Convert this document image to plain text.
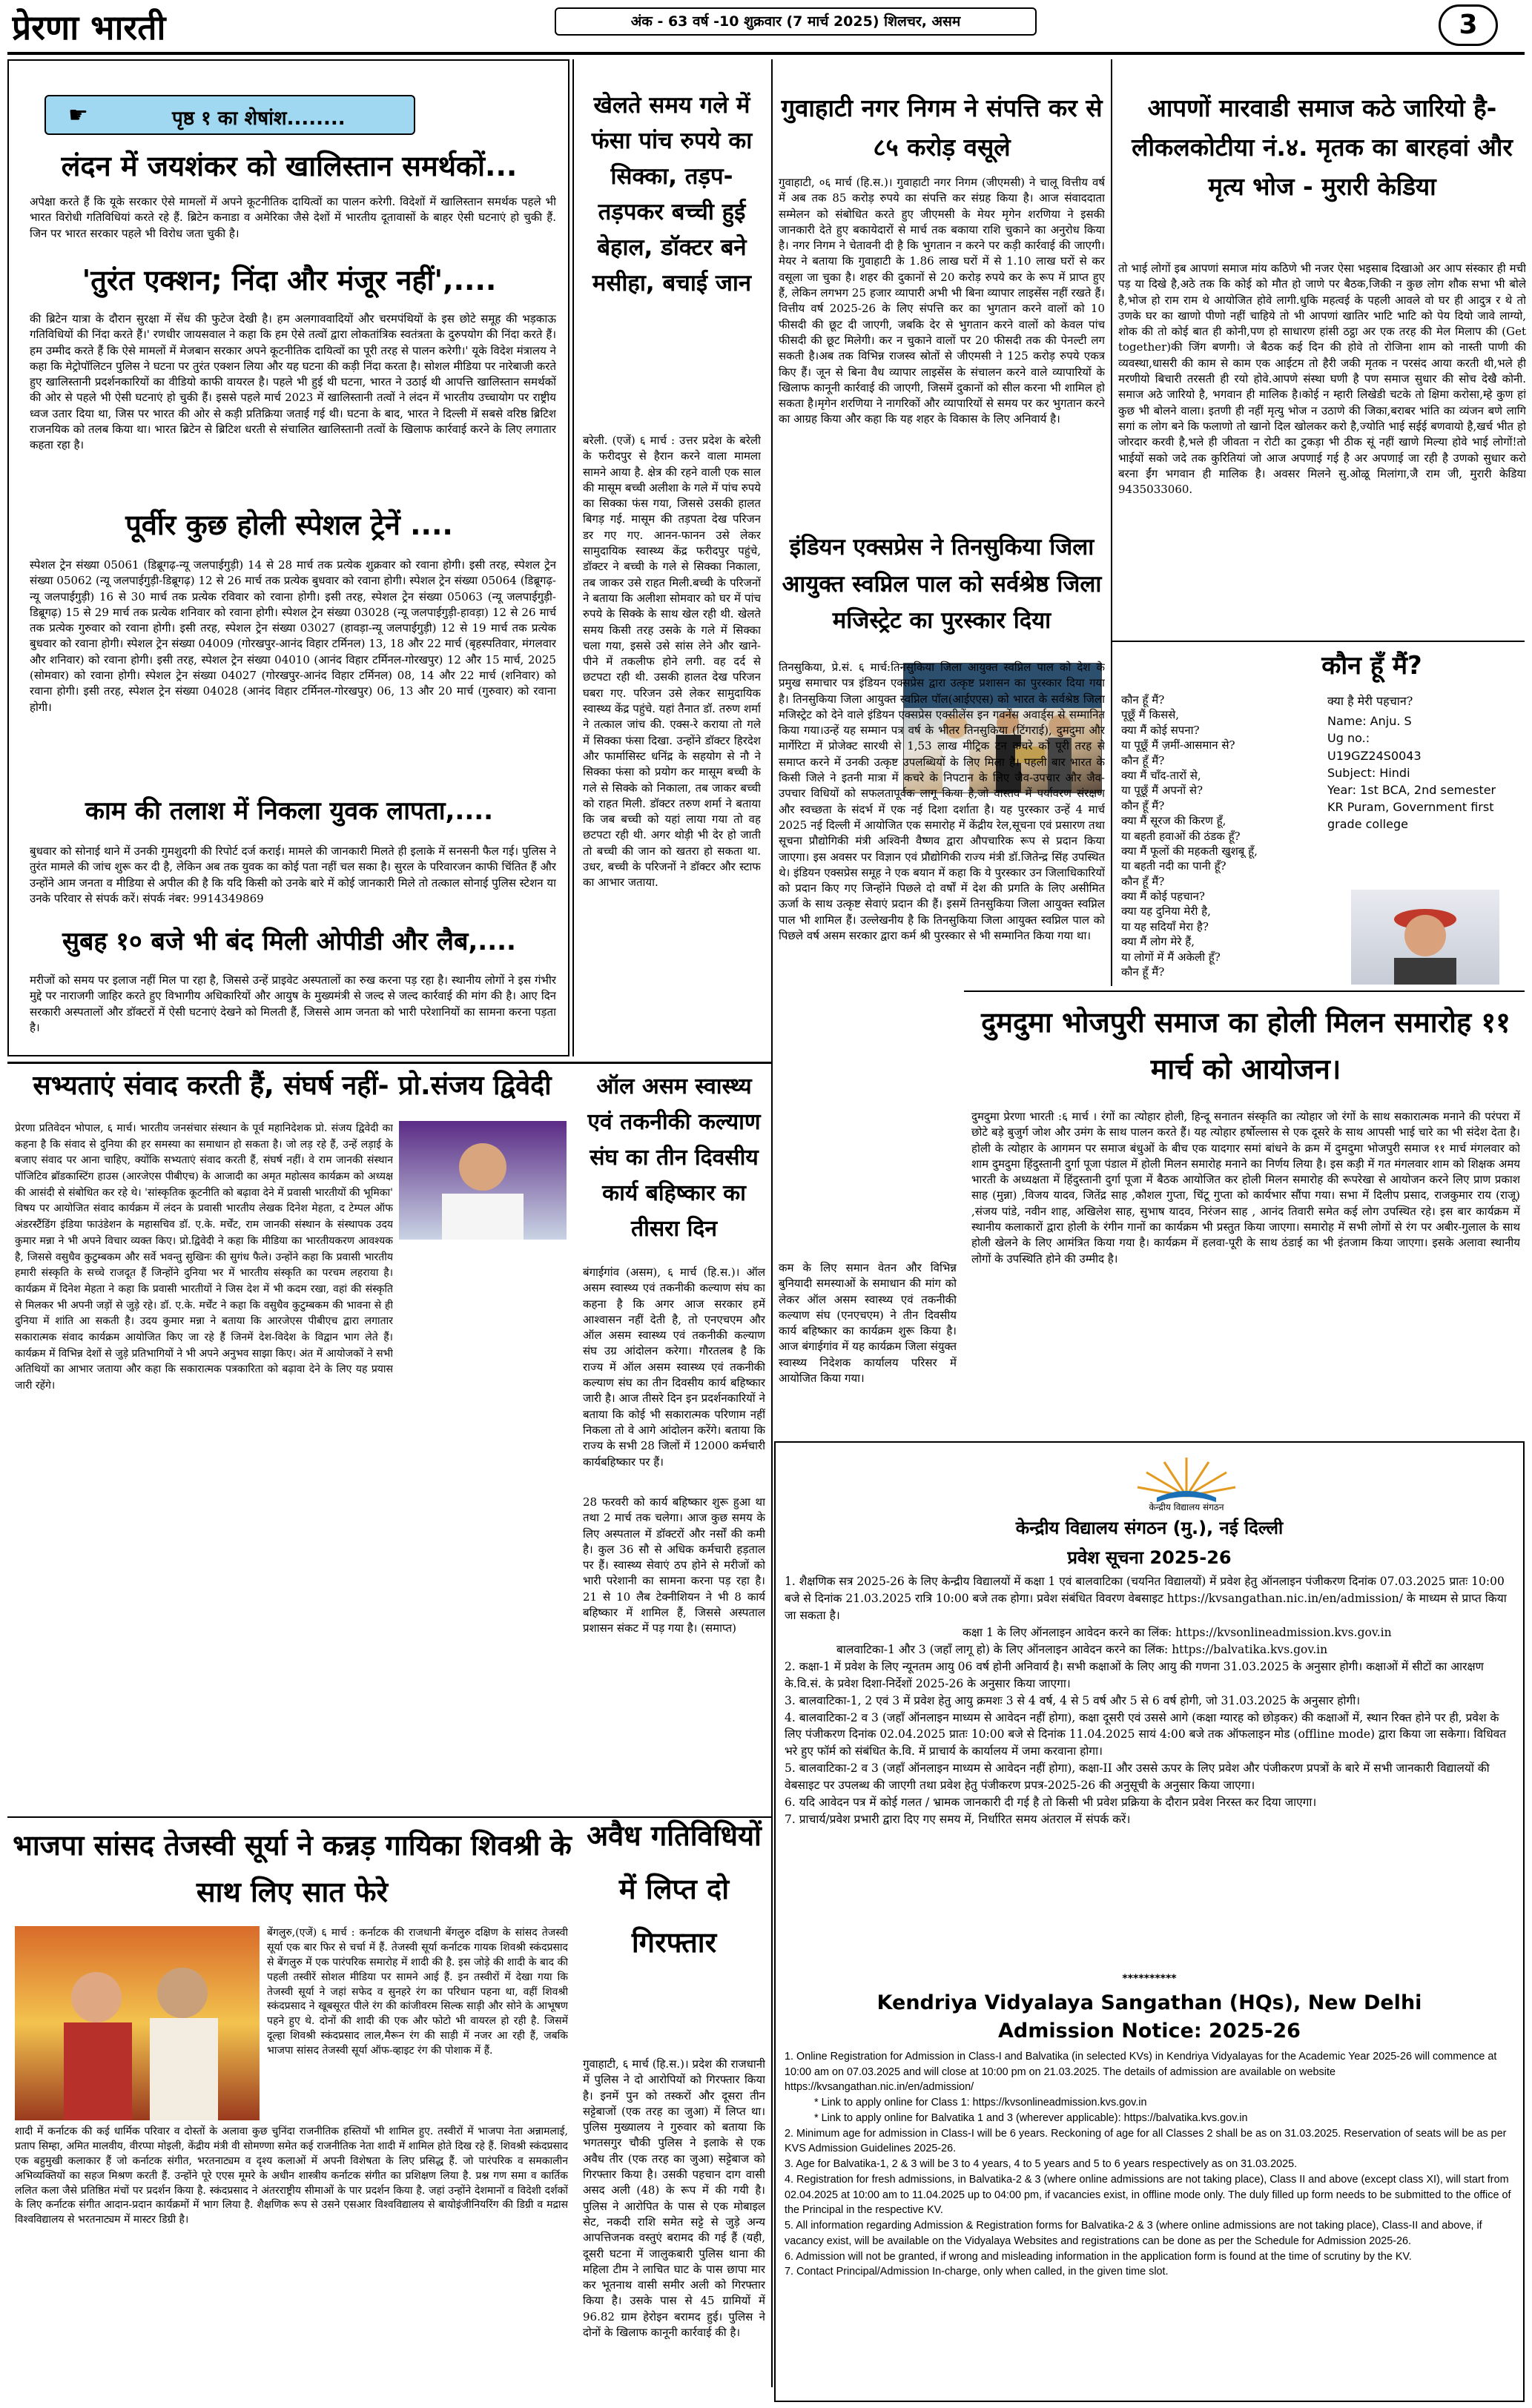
प्रेरणा भारती	अंक - 63 वर्ष -10 शुक्रवार (7 मार्च 2025) शिलचर, असम	3
☛	पृष्ठ १ का शेषांश........
लंदन में जयशंकर को खालिस्तान समर्थकों...
अपेक्षा करते हैं कि यूके सरकार ऐसे मामलों में अपने कूटनीतिक दायित्वों का पालन करेगी. विदेशों में खालिस्तान समर्थक पहले भी भारत विरोधी गतिविधियां करते रहे हैं. ब्रिटेन कनाडा व अमेरिका जैसे देशों में भारतीय दूतावासों के बाहर ऐसी घटनाएं हो चुकी हैं. जिन पर भारत सरकार पहले भी विरोध जता चुकी है।
'तुरंत एक्शन; निंदा और मंजूर नहीं',....
की ब्रिटेन यात्रा के दौरान सुरक्षा में सेंध की फुटेज देखी है। हम अलगाववादियों और चरमपंथियों के इस छोटे समूह की भड़काऊ गतिविधियों की निंदा करते हैं।' रणधीर जायसवाल ने कहा कि हम ऐसे तत्वों द्वारा लोकतांत्रिक स्वतंत्रता के दुरुपयोग की निंदा करते हैं। हम उम्मीद करते हैं कि ऐसे मामलों में मेजबान सरकार अपने कूटनीतिक दायित्वों का पूरी तरह से पालन करेगी।' यूके विदेश मंत्रालय ने कहा कि मेट्रोपॉलिटन पुलिस ने घटना पर तुरंत एक्शन लिया और यह घटना की कड़ी निंदा करता है। सोशल मीडिया पर नारेबाजी करते हुए खालिस्तानी प्रदर्शनकारियों का वीडियो काफी वायरल है। पहले भी हुई थी घटना, भारत ने उठाई थी आपत्ति खालिस्तान समर्थकों की ओर से पहले भी ऐसी घटनाएं हो चुकी हैं। इससे पहले मार्च 2023 में खालिस्तानी तत्वों ने लंदन में भारतीय उच्चायोग पर राष्ट्रीय ध्वज उतार दिया था, जिस पर भारत की ओर से कड़ी प्रतिक्रिया जताई गई थी। घटना के बाद, भारत ने दिल्ली में सबसे वरिष्ठ ब्रिटिश राजनयिक को तलब किया था। भारत ब्रिटेन से ब्रिटिश धरती से संचालित खालिस्तानी तत्वों के खिलाफ कार्रवाई करने के लिए लगातार कहता रहा है।
पूर्वीर कुछ होली स्पेशल ट्रेनें ....
स्पेशल ट्रेन संख्या 05061 (डिब्रूगढ़-न्यू जलपाईगुड़ी) 14 से 28 मार्च तक प्रत्येक शुक्रवार को रवाना होगी। इसी तरह, स्पेशल ट्रेन संख्या 05062 (न्यू जलपाईगुड़ी-डिब्रूगढ़) 12 से 26 मार्च तक प्रत्येक बुधवार को रवाना होगी। स्पेशल ट्रेन संख्या 05064 (डिब्रूगढ़-न्यू जलपाईगुड़ी) 16 से 30 मार्च तक प्रत्येक रविवार को रवाना होगी। इसी तरह, स्पेशल ट्रेन संख्या 05063 (न्यू जलपाईगुड़ी-डिब्रूगढ़) 15 से 29 मार्च तक प्रत्येक शनिवार को रवाना होगी। स्पेशल ट्रेन संख्या 03028 (न्यू जलपाईगुड़ी-हावड़ा) 12 से 26 मार्च तक प्रत्येक गुरुवार को रवाना होगी। इसी तरह, स्पेशल ट्रेन संख्या 03027 (हावड़ा-न्यू जलपाईगुड़ी) 12 से 19 मार्च तक प्रत्येक बुधवार को रवाना होगी। स्पेशल ट्रेन संख्या 04009 (गोरखपुर-आनंद विहार टर्मिनल) 13, 18 और 22 मार्च (बृहस्पतिवार, मंगलवार और शनिवार) को रवाना होगी। इसी तरह, स्पेशल ट्रेन संख्या 04010 (आनंद विहार टर्मिनल-गोरखपुर) 12 और 15 मार्च, 2025 (सोमवार) को रवाना होगी। स्पेशल ट्रेन संख्या 04027 (गोरखपुर-आनंद विहार टर्मिनल) 08, 14 और 22 मार्च (शनिवार) को रवाना होगी। इसी तरह, स्पेशल ट्रेन संख्या 04028 (आनंद विहार टर्मिनल-गोरखपुर) 06, 13 और 20 मार्च (गुरुवार) को रवाना होगी।
काम की तलाश में निकला युवक लापता,....
बुधवार को सोनाई थाने में उनकी गुमशुदगी की रिपोर्ट दर्ज कराई। मामले की जानकारी मिलते ही इलाके में सनसनी फैल गई। पुलिस ने तुरंत मामले की जांच शुरू कर दी है, लेकिन अब तक युवक का कोई पता नहीं चल सका है। सुरल के परिवारजन काफी चिंतित हैं और उन्होंने आम जनता व मीडिया से अपील की है कि यदि किसी को उनके बारे में कोई जानकारी मिले तो तत्काल सोनाई पुलिस स्टेशन या उनके परिवार से संपर्क करें। संपर्क नंबर: 9914349869
सुबह १० बजे भी बंद मिली ओपीडी और लैब,....
मरीजों को समय पर इलाज नहीं मिल पा रहा है, जिससे उन्हें प्राइवेट अस्पतालों का रुख करना पड़ रहा है। स्थानीय लोगों ने इस गंभीर मुद्दे पर नाराजगी जाहिर करते हुए विभागीय अधिकारियों और आयुष के मुख्यमंत्री से जल्द से जल्द कार्रवाई की मांग की है। आए दिन सरकारी अस्पतालों और डॉक्टरों में ऐसी घटनाएं देखने को मिलती हैं, जिससे आम जनता को भारी परेशानियों का सामना करना पड़ता है।
खेलते समय गले में फंसा पांच रुपये का सिक्का, तड़प-तड़पकर बच्ची हुई बेहाल, डॉक्टर बने मसीहा, बचाई जान
बरेली. (एजें) ६ मार्च : उत्तर प्रदेश के बरेली के फरीदपुर से हैरान करने वाला मामला सामने आया है. क्षेत्र की रहने वाली एक साल की मासूम बच्ची अलीशा के गले में पांच रुपये का सिक्का फंस गया, जिससे उसकी हालत बिगड़ गई. मासूम की तड़पता देख परिजन डर गए गए. आनन-फानन उसे लेकर सामुदायिक स्वास्थ्य केंद्र फरीदपुर पहुंचे, डॉक्टर ने बच्ची के गले से सिक्का निकाला, तब जाकर उसे राहत मिली.बच्ची के परिजनों ने बताया कि अलीशा सोमवार को घर में पांच रुपये के सिक्के के साथ खेल रही थी. खेलते समय किसी तरह उसके के गले में सिक्का चला गया, इससे उसे सांस लेने और खाने-पीने में तकलीफ होने लगी. वह दर्द से छटपटा रही थी. उसकी हालत देख परिजन घबरा गए. परिजन उसे लेकर सामुदायिक स्वास्थ्य केंद्र पहुंचे. यहां तैनात डॉ. तरुण शर्मा ने तत्काल जांच की. एक्स-रे कराया तो गले में सिक्का फंसा दिखा. उन्होंने डॉक्टर हिरदेश और फार्मासिस्ट धनिंद्र के सहयोग से नौ ने सिक्का फंसा को प्रयोग कर मासूम बच्ची के गले से सिक्के को निकाला, तब जाकर बच्ची को राहत मिली. डॉक्टर तरुण शर्मा ने बताया कि जब बच्ची को यहां लाया गया तो वह छटपटा रही थी. अगर थोड़ी भी देर हो जाती तो बच्ची की जान को खतरा हो सकता था. उधर, बच्ची के परिजनों ने डॉक्टर और स्टाफ का आभार जताया.
गुवाहाटी नगर निगम ने संपत्ति कर से ८५ करोड़ वसूले
गुवाहाटी, ०६ मार्च (हि.स.)। गुवाहाटी नगर निगम (जीएमसी) ने चालू वित्तीय वर्ष में अब तक 85 करोड़ रुपये का संपत्ति कर संग्रह किया है। आज संवाददाता सम्मेलन को संबोधित करते हुए जीएमसी के मेयर मृगेन शरणिया ने इसकी जानकारी देते हुए बकायेदारों से मार्च तक बकाया राशि चुकाने का अनुरोध किया है। नगर निगम ने चेतावनी दी है कि भुगतान न करने पर कड़ी कार्रवाई की जाएगी।मेयर ने बताया कि गुवाहाटी के 1.86 लाख घरों में से 1.10 लाख घरों से कर वसूला जा चुका है। शहर की दुकानों से 20 करोड़ रुपये कर के रूप में प्राप्त हुए हैं, लेकिन लगभग 25 हजार व्यापारी अभी भी बिना व्यापार लाइसेंस नहीं रखते हैं। वित्तीय वर्ष 2025-26 के लिए संपत्ति कर का भुगतान करने वालों को 10 फीसदी की छूट दी जाएगी, जबकि देर से भुगतान करने वालों को केवल पांच फीसदी की छूट मिलेगी। कर न चुकाने वालों पर 20 फीसदी तक की पेनल्टी लग सकती है।अब तक विभिन्न राजस्व स्रोतों से जीएमसी ने 125 करोड़ रुपये एकत्र किए हैं। जून से बिना वैध व्यापार लाइसेंस के संचालन करने वाले व्यापारियों के खिलाफ कानूनी कार्रवाई की जाएगी, जिसमें दुकानों को सील करना भी शामिल हो सकता है।मृगेन शरणिया ने नागरिकों और व्यापारियों से समय पर कर भुगतान करने का आग्रह किया और कहा कि यह शहर के विकास के लिए अनिवार्य है।
इंडियन एक्सप्रेस ने तिनसुकिया जिला आयुक्त स्वप्निल पाल को सर्वश्रेष्ठ जिला मजिस्ट्रेट का पुरस्कार दिया
तिनसुकिया, प्रे.सं. ६ मार्च:तिनसुकिया जिला आयुक्त स्वप्निल पाल को देश के प्रमुख समाचार पत्र इंडियन एक्सप्रेस द्वारा उत्कृष्ट प्रशासन का पुरस्कार दिया गया है। तिनसुकिया जिला आयुक्त स्वप्निल पॉल(आईएएस) को भारत के सर्वश्रेष्ठ जिला मजिस्ट्रेट को देने वाले इंडियन एक्सप्रेस एक्सीलेंस इन गवर्नेंस अवार्ड्स से सम्मानित किया गया।उन्हें यह सम्मान पत्र वर्ष के भीतर तिनसुकिया (टिंगराई), दुमदुमा और मार्गेरिटा में प्रोजेक्ट सारथी से 1,53 लाख मीट्रिक टन कचरे को पूरी तरह से समाप्त करने में उनकी उत्कृष्ट उपलब्धियों के लिए मिला है। पहली बार भारत के किसी जिले ने इतनी मात्रा में कचरे के निपटान के लिए जैव-उपचार और जैव-उपचार विधियों को सफलतापूर्वक लागू किया है,जो वास्तव में पर्यावरण संरक्षण और स्वच्छता के संदर्भ में एक नई दिशा दर्शाता है। यह पुरस्कार उन्हें 4 मार्च 2025 नई दिल्ली में आयोजित एक समारोह में केंद्रीय रेल,सूचना एवं प्रसारण तथा सूचना प्रौद्योगिकी मंत्री अश्विनी वैष्णव द्वारा औपचारिक रूप से प्रदान किया जाएगा। इस अवसर पर विज्ञान एवं प्रौद्योगिकी राज्य मंत्री डॉ.जितेन्द्र सिंह उपस्थित थे। इंडियन एक्सप्रेस समूह ने एक बयान में कहा कि ये पुरस्कार उन जिलाधिकारियों को प्रदान किए गए जिन्होंने पिछले दो वर्षों में देश की प्रगति के लिए असीमित ऊर्जा के साथ उत्कृष्ट सेवाएं प्रदान की हैं। इसमें तिनसुकिया जिला आयुक्त स्वप्निल पाल भी शामिल हैं। उल्लेखनीय है कि तिनसुकिया जिला आयुक्त स्वप्निल पाल को पिछले वर्ष असम सरकार द्वारा कर्म श्री पुरस्कार से भी सम्मानित किया गया था।
आपणों मारवाडी समाज कठे जारियो है-लीकलकोटीया नं.४. मृतक का बारहवां और मृत्य भोज - मुरारी केडिया
तो भाई लोगों इब आपणां समाज मांय कठिणे भी नजर ऐसा भइसाब दिखाओ अर आप संस्कार ही मची पड़ या दिखे है,अठे तक कि कोई को मौत हो जाणे पर बैठक,जिकी न कुछ लोग शौक सभा भी बोले है,भोज हो राम राम थे आयोजित होवे लागी.धुकि महत्वई के पहली आवले वो घर ही आदुत्र र थे तो उणके घर का खाणो पीणो नहीं चाहिये तो भी आपणां खातिर भाटि भाटि को पेय दियो जावे लाग्यो, शोक की तो कोई बात ही कोनी,पण हो साधारण हांसी ठट्ठा अर एक तरह की मेल मिलाप की (Get together)की जिंग बणगी। जे बैठक कई दिन की होवे तो रोजिना शाम को नास्ती पाणी की व्यवस्था,धासरी की काम से काम एक आईटम तो हैरी जकी मृतक न परसंद आया करती थी,भले ही मरणीयो बिचारी तरसती ही रयो होवे.आपणे संस्था घणी है पण समाज सुधार की सोच देखै कोनी. समाज अठे जारियो है, भगवान ही मालिक है।कोई न म्हारी लिखेडी चटके तो क्षिमा करोसा,म्हे कुण हां कुछ भी बोलने वाला। इतणी ही नहीं मृत्यु भोज न उठाणे की जिका,बराबर भांति का व्यंजन बणे लागि सगां क लोग बने कि फलाणो तो खानो दिल खोलकर करो है,ज्योति भाई सईई बणवायो है,खर्च भीत हो जोरदार करवी है,भले ही जीवता न रोटी का टुकड़ा भी ठीक सूं नहीं खाणे मिल्या होवे भाई लोगों!तो भाईयों सको जदे तक कुरितियां जो आज अपणाई गई है अर अपणाई जा रही है उणको सुधार करो बरना ईंग भगवान ही मालिक है। अवसर मिलने सु.ओळू मिलांगा,जै राम जी, मुरारी केडिया 9435033060.
कौन हूँ मैं?
कौन हूँ मैं?
पूछूँ मैं किससे,
क्या मैं कोई सपना?
या पूछूँ मैं ज़मीं-आसमान से?
कौन हूँ मैं?
क्या मैं चाँद-तारों से,
या पूछूँ मैं अपनों से?
कौन हूँ मैं?
क्या मैं सूरज की किरण हूँ,
या बहती हवाओं की ठंडक हूँ?
क्या मैं फूलों की महकती खुशबू हूँ,
या बहती नदी का पानी हूँ?
कौन हूँ मैं?
क्या मैं कोई पहचान?
क्या यह दुनिया मेरी है,
या यह सदियाँ मेरा है?
क्या मैं लोग मेरे हैं,
या लोगों में मैं अकेली हूँ?
कौन हूँ मैं?
क्या है मेरी पहचान?
Name: Anju. S
Ug no.:
U19GZ24S0043
Subject: Hindi
Year: 1st BCA, 2nd semester
KR Puram, Government first grade college
दुमदुमा भोजपुरी समाज का होली मिलन समारोह ११ मार्च को आयोजन।
दुमदुमा प्रेरणा भारती :६ मार्च । रंगों का त्योहार होली, हिन्दू सनातन संस्कृति का त्योहार जो रंगों के साथ सकारात्मक मनाने की परंपरा में छोटे बड़े बुजुर्ग जोश और उमंग के साथ पालन करते हैं। यह त्योहार हर्षोल्लास से एक दूसरे के साथ आपसी भाई चारे का भी संदेश देता है। होली के त्योहार के आगमन पर समाज बंधुओं के बीच एक यादगार समां बांधने के क्रम में दुमदुमा भोजपुरी समाज ११ मार्च मंगलवार को शाम दुमदुमा हिंदुस्तानी दुर्गा पूजा पंडाल में होली मिलन समारोह मनाने का निर्णय लिया है। इस कड़ी में गत मंगलवार शाम को शिक्षक अमय भारती के अध्यक्षता में हिंदुस्तानी दुर्गा पूजा में बैठक आयोजित कर होली मिलन समारोह की रूपरेखा से आयोजन करने लिए प्राण प्रकाश साह (मुन्ना) ,विजय यादव, जितेंद्र साह ,कौशल गुप्ता, चिंटू गुप्ता को कार्यभार सौंपा गया। सभा में दिलीप प्रसाद, राजकुमार राय (राजू) ,संजय पांडे, नवीन शाह, अखिलेश साह, सुभाष यादव, निरंजन साह , आनंद तिवारी समेत कई लोग उपस्थित रहे। इस बार कार्यक्रम में स्थानीय कलाकारों द्वारा होली के रंगीन गानों का कार्यक्रम भी प्रस्तुत किया जाएगा। समारोह में सभी लोगों से रंग पर अबीर-गुलाल के साथ होली खेलने के लिए आमंत्रित किया गया है। कार्यक्रम में हलवा-पूरी के साथ ठंडाई का भी इंतजाम किया जाएगा। इसके अलावा स्थानीय लोगों के उपस्थिति होने की उम्मीद है।
सभ्यताएं संवाद करती हैं, संघर्ष नहीं- प्रो.संजय द्विवेदी
प्रेरणा प्रतिवेदन भोपाल, ६ मार्च। भारतीय जनसंचार संस्थान के पूर्व महानिदेशक प्रो. संजय द्विवेदी का कहना है कि संवाद से दुनिया की हर समस्या का समाधान हो सकता है। जो लड़ रहे हैं, उन्हें लड़ाई के बजाए संवाद पर आना चाहिए, क्योंकि सभ्यताएं संवाद करती हैं, संघर्ष नहीं। वे राम जानकी संस्थान पॉजिटिव ब्रॉडकास्टिंग हाउस (आरजेएस पीबीएच) के आजादी का अमृत महोत्सव कार्यक्रम को अध्यक्ष की आसंदी से संबोधित कर रहे थे। 'सांस्कृतिक कूटनीति को बढ़ावा देने में प्रवासी भारतीयों की भूमिका' विषय पर आयोजित संवाद कार्यक्रम में लंदन के प्रवासी भारतीय लेखक दिनेश मेहता, द टेम्पल ऑफ अंडरस्टैंडिंग इंडिया फाउंडेशन के महासचिव डॉ. ए.के. मर्चेंट, राम जानकी संस्थान के संस्थापक उदय कुमार मन्ना ने भी अपने विचार व्यक्त किए। प्रो.द्विवेदी ने कहा कि मीडिया का भारतीयकरण आवश्यक है, जिससे वसुधैव कुटुम्बकम और सर्वे भवन्तु सुखिनः की सुगंध फैले। उन्होंने कहा कि प्रवासी भारतीय हमारी संस्कृति के सच्चे राजदूत हैं जिन्होंने दुनिया भर में भारतीय संस्कृति का परचम लहराया है। कार्यक्रम में दिनेश मेहता ने कहा कि प्रवासी भारतीयों ने जिस देश में भी कदम रखा, वहां की संस्कृति से मिलकर भी अपनी जड़ों से जुड़े रहे। डॉ. ए.के. मर्चेंट ने कहा कि वसुधैव कुटुम्बकम की भावना से ही दुनिया में शांति आ सकती है। उदय कुमार मन्ना ने बताया कि आरजेएस पीबीएच द्वारा लगातार सकारात्मक संवाद कार्यक्रम आयोजित किए जा रहे हैं जिनमें देश-विदेश के विद्वान भाग लेते हैं। कार्यक्रम में विभिन्न देशों से जुड़े प्रतिभागियों ने भी अपने अनुभव साझा किए। अंत में आयोजकों ने सभी अतिथियों का आभार जताया और कहा कि सकारात्मक पत्रकारिता को बढ़ावा देने के लिए यह प्रयास जारी रहेंगे।
भाजपा सांसद तेजस्वी सूर्या ने कन्नड़ गायिका शिवश्री के साथ लिए सात फेरे
बेंगलुरु,(एजें) ६ मार्च : कर्नाटक की राजधानी बेंगलुरु दक्षिण के सांसद तेजस्वी सूर्या एक बार फिर से चर्चा में हैं. तेजस्वी सूर्या कर्नाटक गायक शिवश्री स्कंदप्रसाद से बेंगलुरु में एक पारंपरिक समारोह में शादी की है. इस जोड़े की शादी के बाद की पहली तस्वीरें सोशल मीडिया पर सामने आई हैं. इन तस्वीरों में देखा गया कि तेजस्वी सूर्या ने जहां सफेद व सुनहरे रंग का परिधान पहना था, वहीं शिवश्री स्कंदप्रसाद ने खूबसूरत पीले रंग की कांजीवरम सिल्क साड़ी और सोने के आभूषण पहने हुए थे. दोनों की शादी की एक और फोटो भी वायरल हो रही है. जिसमें दूल्हा शिवश्री स्कंदप्रसाद लाल,मैरून रंग की साड़ी में नजर आ रही हैं, जबकि भाजपा सांसद तेजस्वी सूर्या ऑफ-व्हाइट रंग की पोशाक में हैं.
शादी में कर्नाटक की कई धार्मिक परिवार व दोस्तों के अलावा कुछ चुनिंदा राजनीतिक हस्तियों भी शामिल हुए. तस्वीरों में भाजपा नेता अन्नामलाई, प्रताप सिम्हा, अमित मालवीय, वीरप्पा मोइली, केंद्रीय मंत्री वी सोमण्णा समेत कई राजनीतिक नेता शादी में शामिल होते दिख रहे हैं. शिवश्री स्कंदप्रसाद एक बहुमुखी कलाकार हैं जो कर्नाटक संगीत, भरतनाट्यम व दृश्य कलाओं में अपनी विशेषता के लिए प्रसिद्ध हैं. जो पारंपरिक व समकालीन अभिव्यक्तियों का सहज मिश्रण करती हैं. उन्होंने पूरे एएस मूमरे के अधीन शास्त्रीय कर्नाटक संगीत का प्रशिक्षण लिया है. प्रश्न गण समा व कार्तिक ललित कला जैसे प्रतिष्ठित मंचों पर प्रदर्शन किया है. स्कंदप्रसाद ने अंतरराष्ट्रीय सीमाओं के पार प्रदर्शन किया है. जहां उन्होंने देशमानों व विदेशी दर्शकों के लिए कर्नाटक संगीत आदान-प्रदान कार्यक्रमों में भाग लिया है. शैक्षणिक रूप से उसने एसआर विश्वविद्यालय से बायोइंजीनियरिंग की डिग्री व मद्रास विश्वविद्यालय से भरतनाट्यम में मास्टर डिग्री है।
ऑल असम स्वास्थ्य एवं तकनीकी कल्याण संघ का तीन दिवसीय कार्य बहिष्कार का तीसरा दिन
बंगाईगांव (असम), ६ मार्च (हि.स.)। ऑल असम स्वास्थ्य एवं तकनीकी कल्याण संघ का कहना है कि अगर आज सरकार हमें आश्वासन नहीं देती है, तो एनएचएम और ऑल असम स्वास्थ्य एवं तकनीकी कल्याण संघ उग्र आंदोलन करेगा। गौरतलब है कि राज्य में ऑल असम स्वास्थ्य एवं तकनीकी कल्याण संघ का तीन दिवसीय कार्य बहिष्कार जारी है। आज तीसरे दिन इन प्रदर्शनकारियों ने बताया कि कोई भी सकारात्मक परिणाम नहीं निकला तो वे आगे आंदोलन करेंगे। बताया कि राज्य के सभी 28 जिलों में 12000 कर्मचारी कार्यबहिष्कार पर हैं।
28 फरवरी को कार्य बहिष्कार शुरू हुआ था तथा 2 मार्च तक चलेगा। आज कुछ समय के लिए अस्पताल में डॉक्टरों और नर्सों की कमी है। कुल 36 सौ से अधिक कर्मचारी हड़ताल पर हैं। स्वास्थ्य सेवाएं ठप होने से मरीजों को भारी परेशानी का सामना करना पड़ रहा है। 21 से 10 लैब टेक्नीशियन ने भी 8 कार्य बहिष्कार में शामिल हैं, जिससे अस्पताल प्रशासन संकट में पड़ गया है। (समाप्त)
अवैध गतिविधियों में लिप्त दो गिरफ्तार
गुवाहाटी, ६ मार्च (हि.स.)। प्रदेश की राजधानी में पुलिस ने दो आरोपियों को गिरफ्तार किया है। इनमें पुन को तस्करों और दूसरा तीन सट्टेबाजों (एक तरह का जुआ) में लिप्त था।पुलिस मुख्यालय ने गुरुवार को बताया कि भगतसगुर चौकी पुलिस ने इलाके से एक अवैध तीर (एक तरह का जुआ) सट्टेबाज को गिरफ्तार किया है। उसकी पहचान दाग वासी असद अली (48) के रूप में की गयी है। पुलिस ने आरोपित के पास से एक मोबाइल सेट, नकदी राशि समेत सट्टे से जुड़े अन्य आपत्तिजनक वस्तुएं बरामद की गई हैं (यही, दूसरी घटना में जालुकबारी पुलिस थाना की महिला टीम ने लाचित घाट के पास छापा मार कर भूतनाथ वासी समीर अली को गिरफ्तार किया है। उसके पास से 45 ग्रामियों में 96.82 ग्राम हेरोइन बरामद हुई। पुलिस ने दोनों के खिलाफ कानूनी कार्रवाई की है।
कम के लिए समान वेतन और विभिन्न बुनियादी समस्याओं के समाधान की मांग को लेकर ऑल असम स्वास्थ्य एवं तकनीकी कल्याण संघ (एनएचएम) ने तीन दिवसीय कार्य बहिष्कार का कार्यक्रम शुरू किया है। आज बंगाईगांव में यह कार्यक्रम जिला संयुक्त स्वास्थ्य निदेशक कार्यालय परिसर में आयोजित किया गया।
केन्द्रीय विद्यालय संगठन
केन्द्रीय विद्यालय संगठन (मु.), नई दिल्ली
प्रवेश सूचना 2025-26

1. शैक्षणिक सत्र 2025-26 के लिए केन्द्रीय विद्यालयों में कक्षा 1 एवं बालवाटिका (चयनित विद्यालयों) में प्रवेश हेतु ऑनलाइन पंजीकरण दिनांक 07.03.2025 प्रातः 10:00 बजे से दिनांक 21.03.2025 रात्रि 10:00 बजे तक होगा। प्रवेश संबंधित विवरण वेबसाइट https://kvsangathan.nic.in/en/admission/ के माध्यम से प्राप्त किया जा सकता है।

कक्षा 1 के लिए ऑनलाइन आवेदन करने का लिंक: https://kvsonlineadmission.kvs.gov.in

बालवाटिका-1 और 3 (जहाँ लागू हो) के लिए ऑनलाइन आवेदन करने का लिंक: https://balvatika.kvs.gov.in

2. कक्षा-1 में प्रवेश के लिए न्यूनतम आयु 06 वर्ष होनी अनिवार्य है। सभी कक्षाओं के लिए आयु की गणना 31.03.2025 के अनुसार होगी। कक्षाओं में सीटों का आरक्षण के.वि.सं. के प्रवेश दिशा-निर्देशों 2025-26 के अनुसार किया जाएगा।

3. बालवाटिका-1, 2 एवं 3 में प्रवेश हेतु आयु क्रमशः 3 से 4 वर्ष, 4 से 5 वर्ष और 5 से 6 वर्ष होगी, जो 31.03.2025 के अनुसार होगी।

4. बालवाटिका-2 व 3 (जहाँ ऑनलाइन माध्यम से आवेदन नहीं होगा), कक्षा दूसरी एवं उससे आगे (कक्षा ग्यारह को छोड़कर) की कक्षाओं में, स्थान रिक्त होने पर ही, प्रवेश के लिए पंजीकरण दिनांक 02.04.2025 प्रातः 10:00 बजे से दिनांक 11.04.2025 सायं 4:00 बजे तक ऑफलाइन मोड (offline mode) द्वारा किया जा सकेगा। विधिवत भरे हुए फॉर्म को संबंधित के.वि. में प्राचार्य के कार्यालय में जमा करवाना होगा।

5. बालवाटिका-2 व 3 (जहाँ ऑनलाइन माध्यम से आवेदन नहीं होगा), कक्षा-II और उससे ऊपर के लिए प्रवेश और पंजीकरण प्रपत्रों के बारे में सभी जानकारी विद्यालयों की वेबसाइट पर उपलब्ध की जाएगी तथा प्रवेश हेतु पंजीकरण प्रपत्र-2025-26 की अनुसूची के अनुसार किया जाएगा।

6. यदि आवेदन पत्र में कोई गलत / भ्रामक जानकारी दी गई है तो किसी भी प्रवेश प्रक्रिया के दौरान प्रवेश निरस्त कर दिया जाएगा।

7. प्राचार्य/प्रवेश प्रभारी द्वारा दिए गए समय में, निर्धारित समय अंतराल में संपर्क करें।

**********
Kendriya Vidyalaya Sangathan (HQs), New Delhi
Admission Notice: 2025-26

1. Online Registration for Admission in Class-I and Balvatika (in selected KVs) in Kendriya Vidyalayas for the Academic Year 2025-26 will commence at 10:00 am on 07.03.2025 and will close at 10:00 pm on 21.03.2025. The details of admission are available on website https://kvsangathan.nic.in/en/admission/

* Link to apply online for Class 1: https://kvsonlineadmission.kvs.gov.in

* Link to apply online for Balvatika 1 and 3 (wherever applicable): https://balvatika.kvs.gov.in

2. Minimum age for admission in Class-I will be 6 years. Reckoning of age for all Classes 2 shall be as on 31.03.2025. Reservation of seats will be as per KVS Admission Guidelines 2025-26.

3. Age for Balvatika-1, 2 & 3 will be 3 to 4 years, 4 to 5 years and 5 to 6 years respectively as on 31.03.2025.

4. Registration for fresh admissions, in Balvatika-2 & 3 (where online admissions are not taking place), Class II and above (except class XI), will start from 02.04.2025 at 10:00 am to 11.04.2025 up to 04:00 pm, if vacancies exist, in offline mode only. The duly filled up form needs to be submitted to the office of the Principal in the respective KV.

5. All information regarding Admission & Registration forms for Balvatika-2 & 3 (where online admissions are not taking place), Class-II and above, if vacancy exist, will be available on the Vidyalaya Websites and registrations can be done as per the Schedule for Admission 2025-26.

6. Admission will not be granted, if wrong and misleading information in the application form is found at the time of scrutiny by the KV.

7. Contact Principal/Admission In-charge, only when called, in the given time slot.
